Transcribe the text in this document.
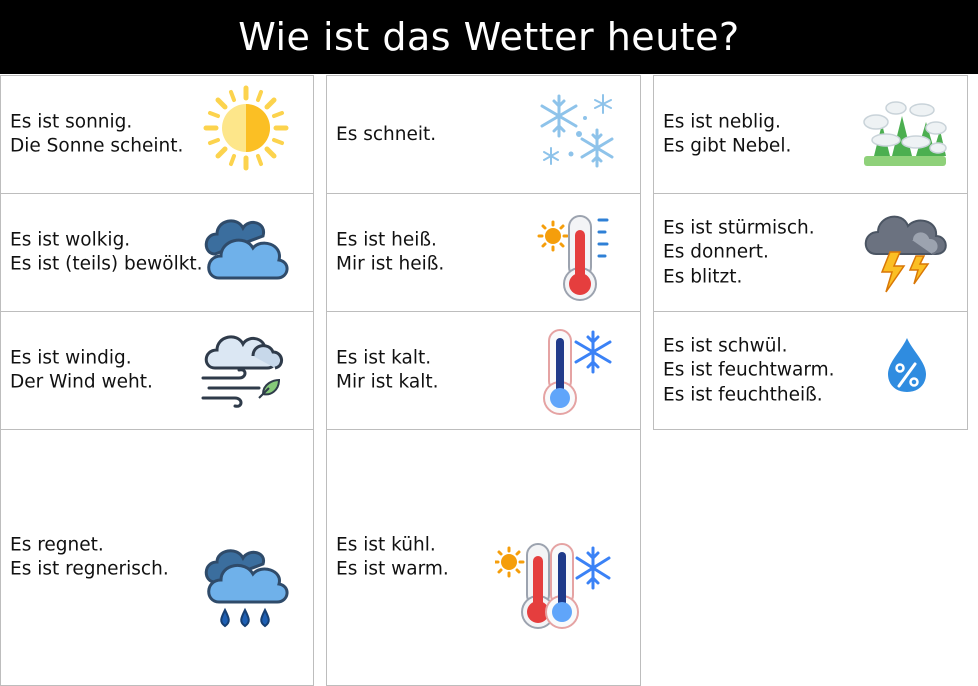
Wie ist das Wetter heute?
Es ist sonnig.
Die Sonne scheint.
Es ist wolkig.
Es ist (teils) bewölkt.
Es ist windig.
Der Wind weht.
Es regnet.
Es ist regnerisch.
Es schneit.
Es ist heiß.
Mir ist heiß.
Es ist kalt.
Mir ist kalt.
Es ist kühl.
Es ist warm.
Es ist neblig.
Es gibt Nebel.
Es ist stürmisch.
Es donnert.
Es blitzt.
Es ist schwül.
Es ist feuchtwarm.
Es ist feuchtheiß.
